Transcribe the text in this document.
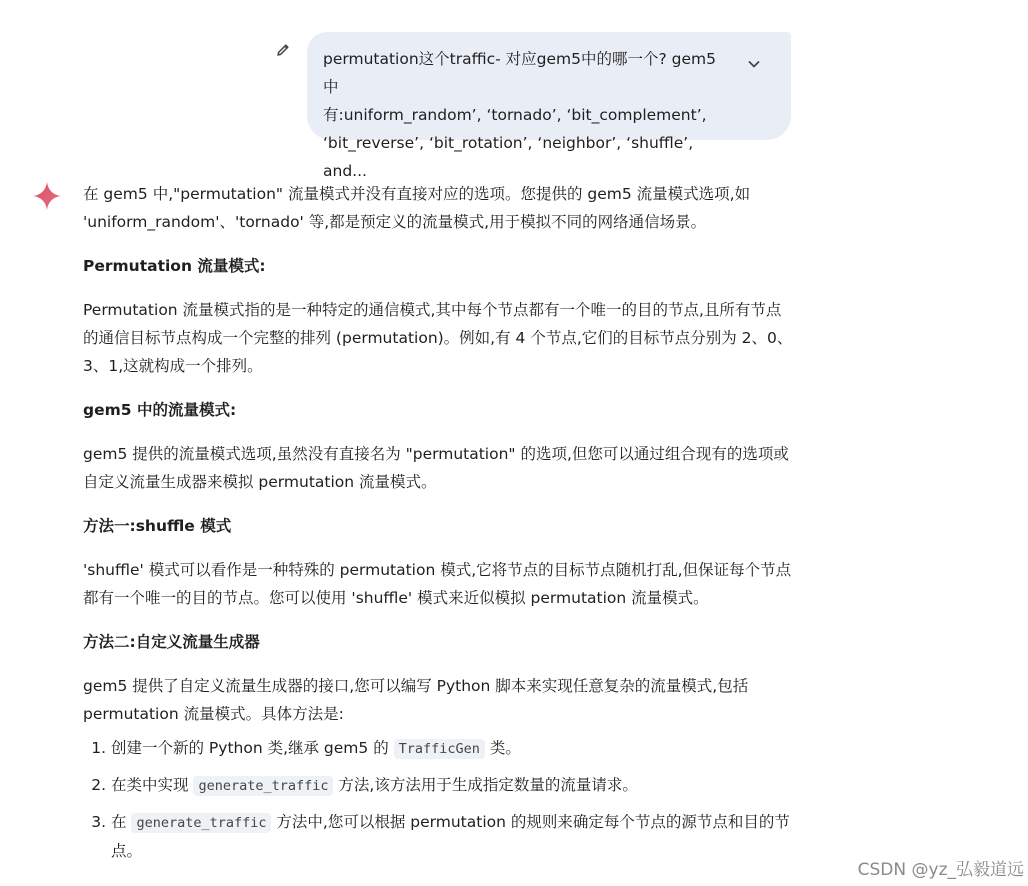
permutation这个traffic- 对应gem5中的哪一个? gem5中
有:uniform_random’, ‘tornado’, ‘bit_complement’,
‘bit_reverse’, ‘bit_rotation’, ‘neighbor’, ‘shuffle’, and...

在 gem5 中,"permutation" 流量模式并没有直接对应的选项。您提供的 gem5 流量模式选项,如 'uniform_random'、'tornado' 等,都是预定义的流量模式,用于模拟不同的网络通信场景。

Permutation 流量模式:

Permutation 流量模式指的是一种特定的通信模式,其中每个节点都有一个唯一的目的节点,且所有节点的通信目标节点构成一个完整的排列 (permutation)。例如,有 4 个节点,它们的目标节点分别为 2、0、3、1,这就构成一个排列。

gem5 中的流量模式:

gem5 提供的流量模式选项,虽然没有直接名为 "permutation" 的选项,但您可以通过组合现有的选项或自定义流量生成器来模拟 permutation 流量模式。

方法一:shuffle 模式

'shuffle' 模式可以看作是一种特殊的 permutation 模式,它将节点的目标节点随机打乱,但保证每个节点都有一个唯一的目的节点。您可以使用 'shuffle' 模式来近似模拟 permutation 流量模式。

方法二:自定义流量生成器

gem5 提供了自定义流量生成器的接口,您可以编写 Python 脚本来实现任意复杂的流量模式,包括 permutation 流量模式。具体方法是:

1. 创建一个新的 Python 类,继承 gem5 的 TrafficGen 类。
2. 在类中实现 generate_traffic 方法,该方法用于生成指定数量的流量请求。
3. 在 generate_traffic 方法中,您可以根据 permutation 的规则来确定每个节点的源节点和目的节点。
CSDN @yz_弘毅道远
